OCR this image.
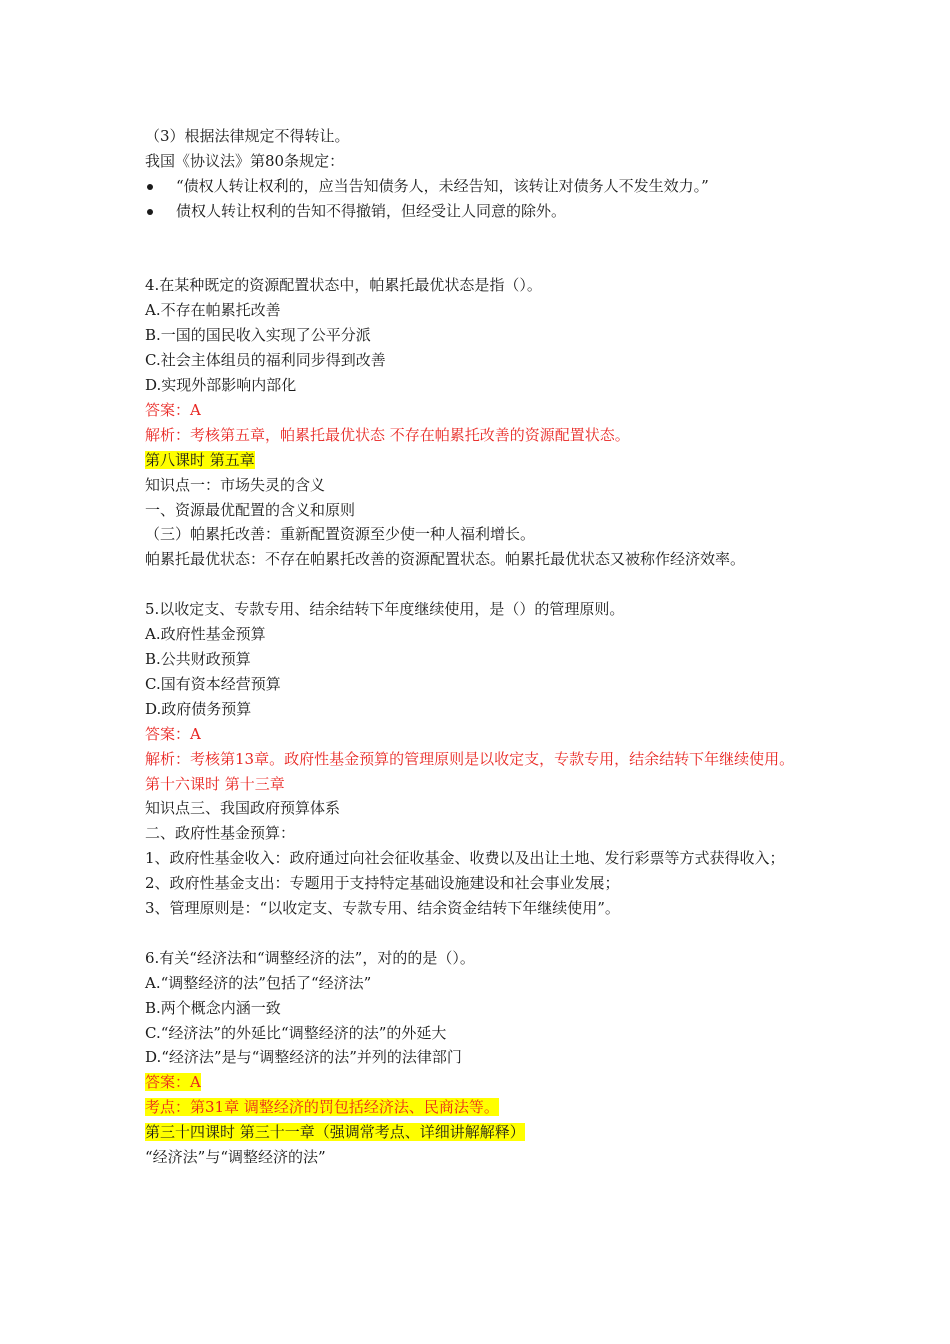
（3）根据法律规定不得转让。
我国《协议法》第80条规定：
“债权人转让权利的，应当告知债务人，未经告知，该转让对债务人不发生效力。”
债权人转让权利的告知不得撤销，但经受让人同意的除外。
4.在某种既定的资源配置状态中，帕累托最优状态是指（）。
A.不存在帕累托改善
B.一国的国民收入实现了公平分派
C.社会主体组员的福利同步得到改善
D.实现外部影响内部化
答案：A
解析：考核第五章，帕累托最优状态 不存在帕累托改善的资源配置状态。
第八课时 第五章
知识点一：市场失灵的含义
一、资源最优配置的含义和原则
（三）帕累托改善：重新配置资源至少使一种人福利增长。
帕累托最优状态：不存在帕累托改善的资源配置状态。帕累托最优状态又被称作经济效率。
5.以收定支、专款专用、结余结转下年度继续使用，是（）的管理原则。
A.政府性基金预算
B.公共财政预算
C.国有资本经营预算
D.政府债务预算
答案：A
解析：考核第13章。政府性基金预算的管理原则是以收定支，专款专用，结余结转下年继续使用。
第十六课时 第十三章
知识点三、我国政府预算体系
二、政府性基金预算：
1、政府性基金收入：政府通过向社会征收基金、收费以及出让土地、发行彩票等方式获得收入；
2、政府性基金支出：专题用于支持特定基础设施建设和社会事业发展；
3、管理原则是：“以收定支、专款专用、结余资金结转下年继续使用”。
6.有关“经济法和“调整经济的法”，对的的是（）。
A.“调整经济的法”包括了“经济法”
B.两个概念内涵一致
C.“经济法”的外延比“调整经济的法”的外延大
D.“经济法”是与“调整经济的法”并列的法律部门
答案：A
考点：第31章 调整经济的罚包括经济法、民商法等。
第三十四课时 第三十一章（强调常考点、详细讲解解释）
“经济法”与“调整经济的法”
